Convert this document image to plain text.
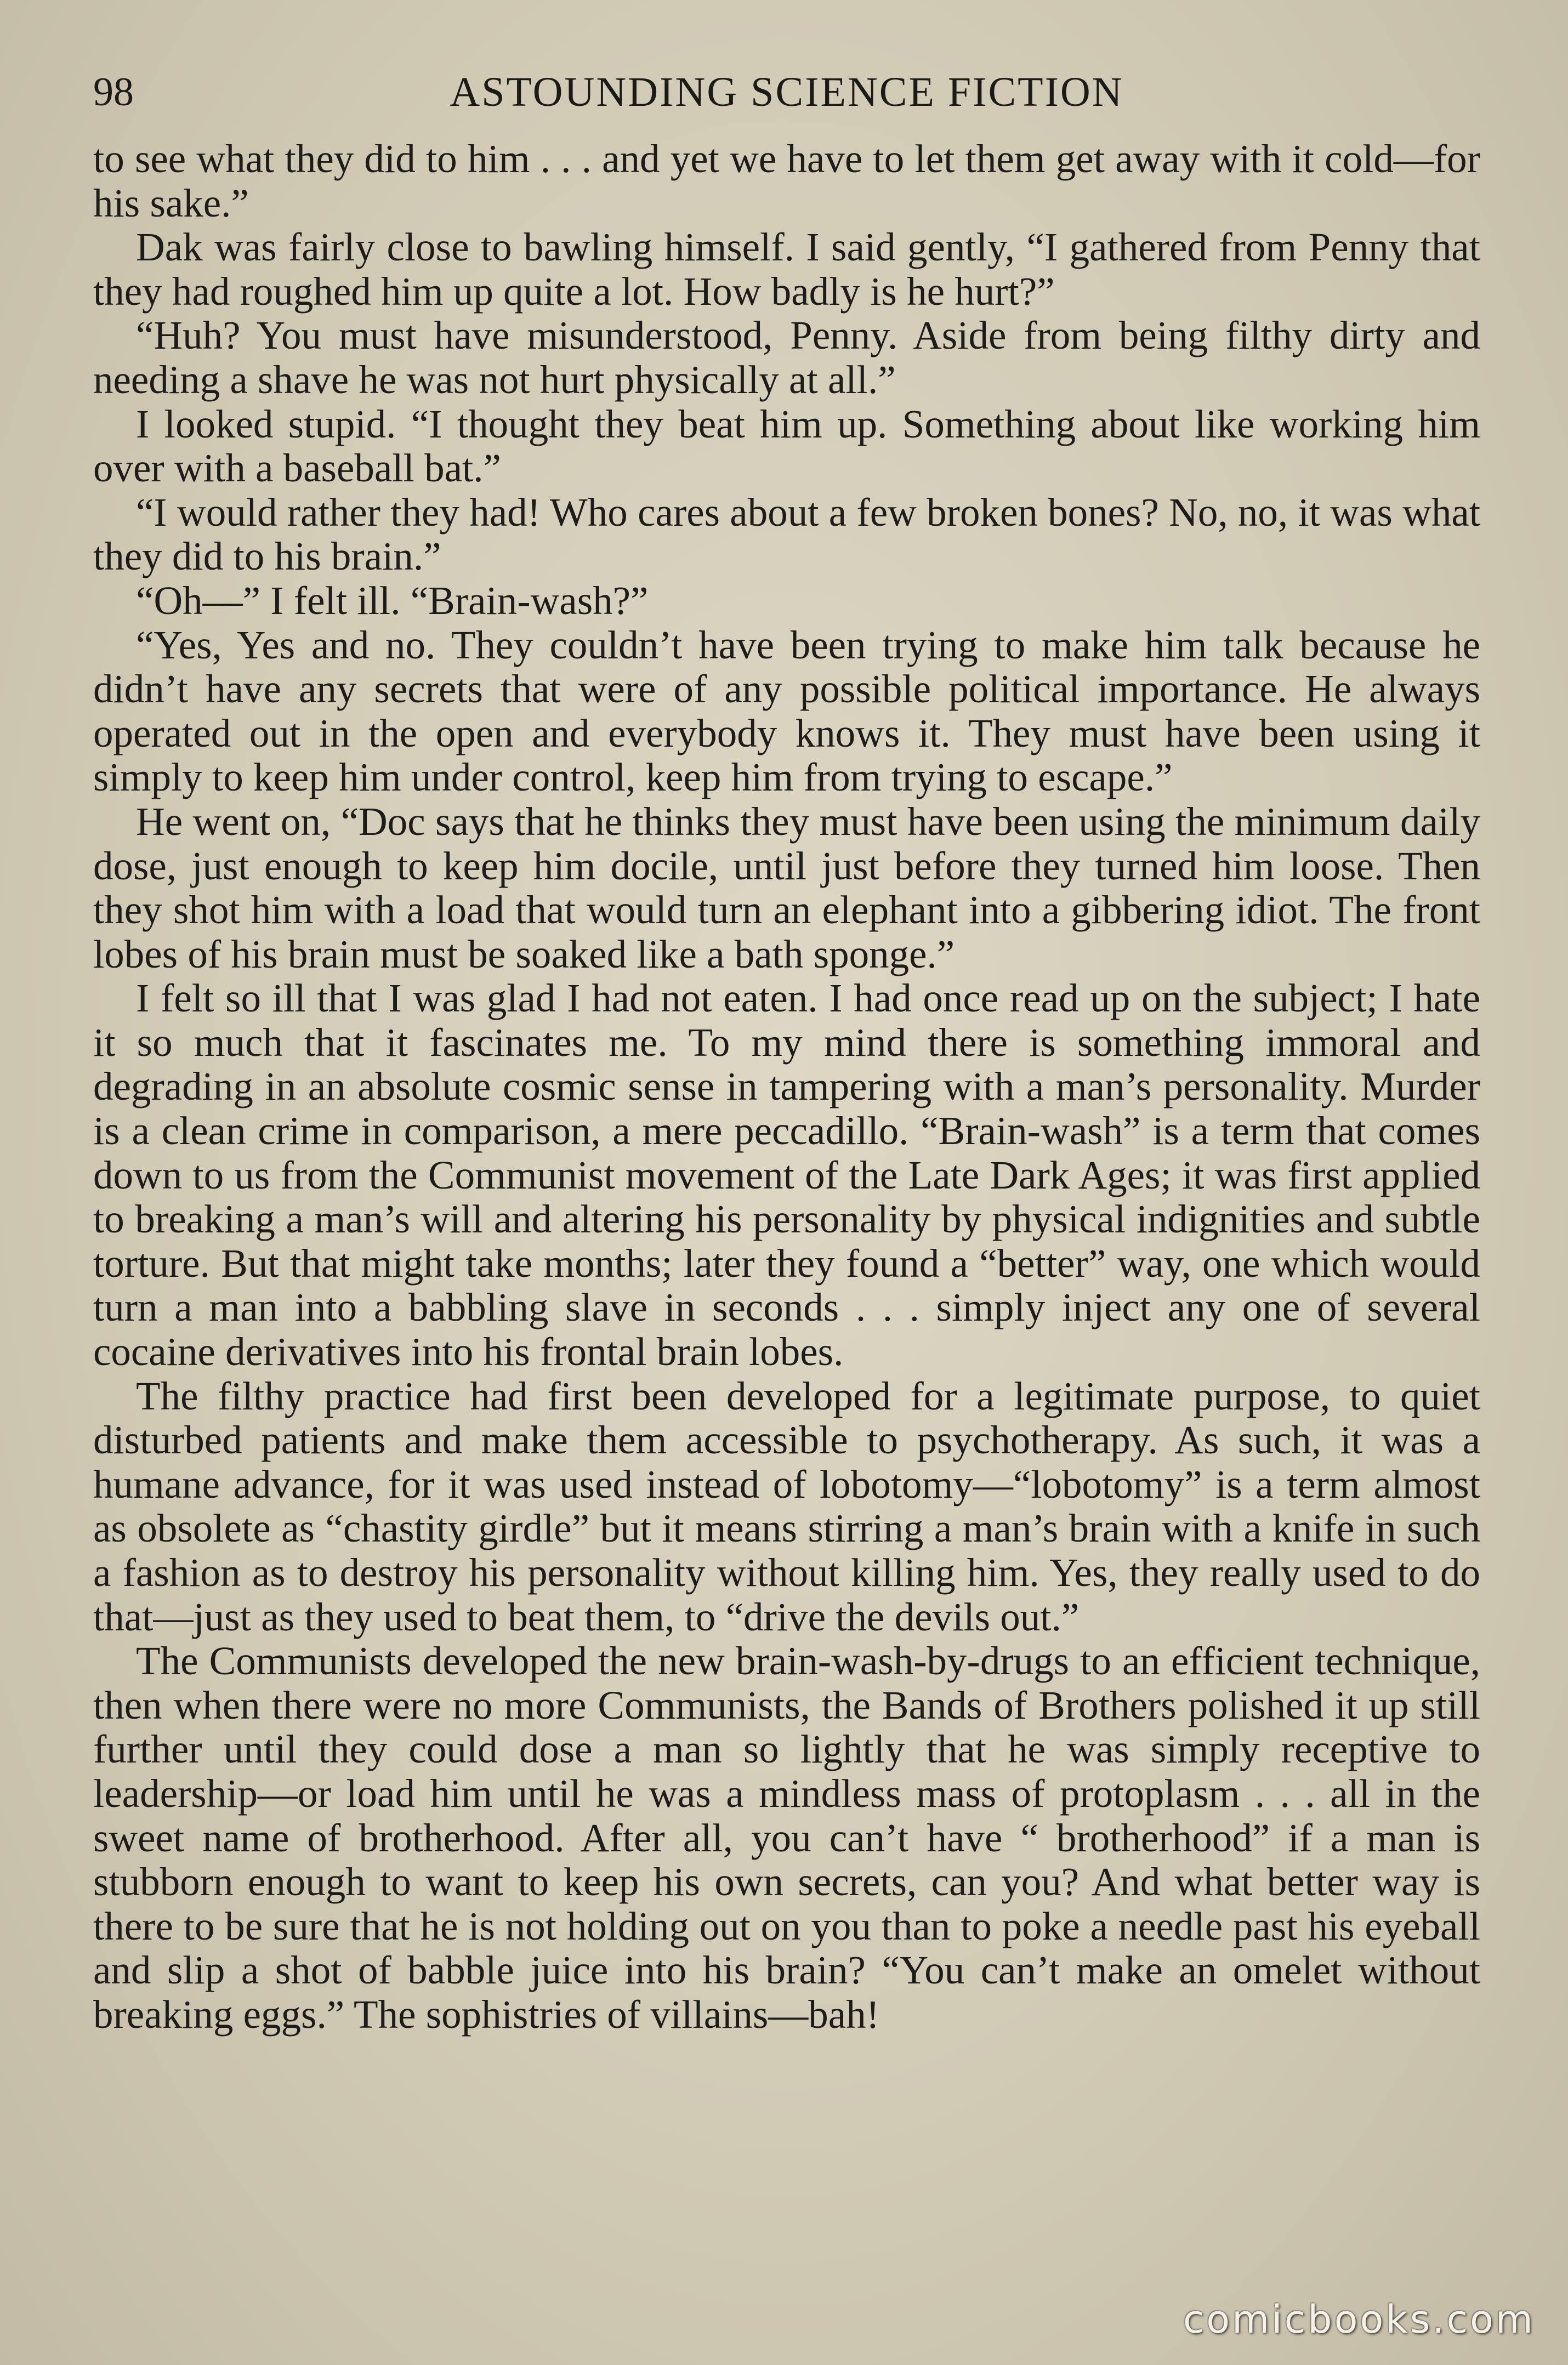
98	ASTOUNDING SCIENCE FICTION

to see what they did to him . . . and yet we have to let them get away with it cold—for his sake.”

Dak was fairly close to bawling himself. I said gently, “I gathered from Penny that they had roughed him up quite a lot. How badly is he hurt?”

“Huh? You must have misunderstood, Penny. Aside from being filthy dirty and needing a shave he was not hurt physically at all.”

I looked stupid. “I thought they beat him up. Something about like working him over with a baseball bat.”

“I would rather they had! Who cares about a few broken bones? No, no, it was what they did to his brain.”

“Oh—” I felt ill. “Brain-wash?”

“Yes, Yes and no. They couldn’t have been trying to make him talk because he didn’t have any secrets that were of any possible political importance. He always operated out in the open and everybody knows it. They must have been using it simply to keep him under control, keep him from trying to escape.”

He went on, “Doc says that he thinks they must have been using the minimum daily dose, just enough to keep him docile, until just before they turned him loose. Then they shot him with a load that would turn an elephant into a gibbering idiot. The front lobes of his brain must be soaked like a bath sponge.”

I felt so ill that I was glad I had not eaten. I had once read up on the subject; I hate it so much that it fascinates me. To my mind there is something immoral and degrading in an absolute cosmic sense in tampering with a man’s personality. Murder is a clean crime in comparison, a mere peccadillo. “Brain-wash” is a term that comes down to us from the Communist movement of the Late Dark Ages; it was first applied to breaking a man’s will and altering his personality by physical indignities and subtle torture. But that might take months; later they found a “better” way, one which would turn a man into a babbling slave in seconds . . . simply inject any one of several cocaine derivatives into his frontal brain lobes.

The filthy practice had first been developed for a legitimate purpose, to quiet disturbed patients and make them accessible to psychotherapy. As such, it was a humane advance, for it was used instead of lobotomy—“lobotomy” is a term almost as obsolete as “chastity girdle” but it means stirring a man’s brain with a knife in such a fashion as to destroy his personality without killing him. Yes, they really used to do that—just as they used to beat them, to “drive the devils out.”

The Communists developed the new brain-wash-by-drugs to an efficient technique, then when there were no more Communists, the Bands of Brothers polished it up still further until they could dose a man so lightly that he was simply receptive to leadership—or load him until he was a mindless mass of protoplasm . . . all in the sweet name of brotherhood. After all, you can’t have “ brotherhood” if a man is stubborn enough to want to keep his own secrets, can you? And what better way is there to be sure that he is not holding out on you than to poke a needle past his eyeball and slip a shot of babble juice into his brain? “You can’t make an omelet without breaking eggs.” The sophistries of villains—bah!

comicbooks.com
